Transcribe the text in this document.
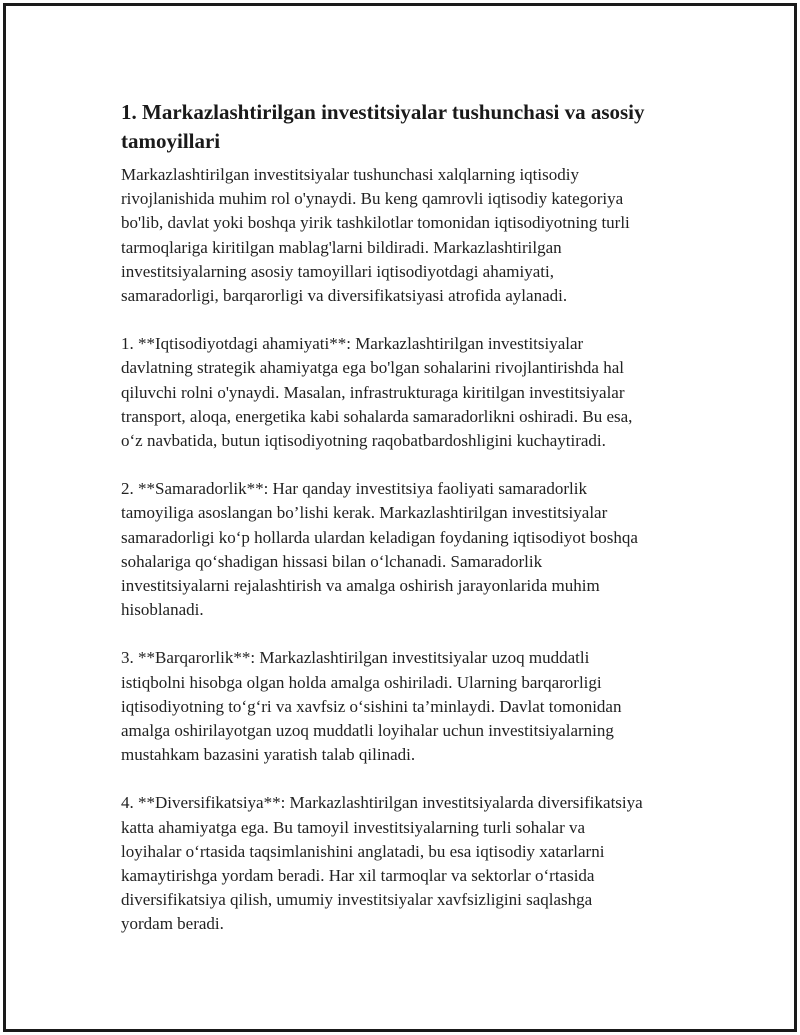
1. Markazlashtirilgan investitsiyalar tushunchasi va asosiy
tamoyillari

Markazlashtirilgan investitsiyalar tushunchasi xalqlarning iqtisodiy
rivojlanishida muhim rol o'ynaydi. Bu keng qamrovli iqtisodiy kategoriya
bo'lib, davlat yoki boshqa yirik tashkilotlar tomonidan iqtisodiyotning turli
tarmoqlariga kiritilgan mablag'larni bildiradi. Markazlashtirilgan
investitsiyalarning asosiy tamoyillari iqtisodiyotdagi ahamiyati,
samaradorligi, barqarorligi va diversifikatsiyasi atrofida aylanadi.

1. **Iqtisodiyotdagi ahamiyati**: Markazlashtirilgan investitsiyalar
davlatning strategik ahamiyatga ega bo'lgan sohalarini rivojlantirishda hal
qiluvchi rolni o'ynaydi. Masalan, infrastrukturaga kiritilgan investitsiyalar
transport, aloqa, energetika kabi sohalarda samaradorlikni oshiradi. Bu esa,
o‘z navbatida, butun iqtisodiyotning raqobatbardoshligini kuchaytiradi.

2. **Samaradorlik**: Har qanday investitsiya faoliyati samaradorlik
tamoyiliga asoslangan bo’lishi kerak. Markazlashtirilgan investitsiyalar
samaradorligi ko‘p hollarda ulardan keladigan foydaning iqtisodiyot boshqa
sohalariga qo‘shadigan hissasi bilan o‘lchanadi. Samaradorlik
investitsiyalarni rejalashtirish va amalga oshirish jarayonlarida muhim
hisoblanadi.

3. **Barqarorlik**: Markazlashtirilgan investitsiyalar uzoq muddatli
istiqbolni hisobga olgan holda amalga oshiriladi. Ularning barqarorligi
iqtisodiyotning to‘g‘ri va xavfsiz o‘sishini ta’minlaydi. Davlat tomonidan
amalga oshirilayotgan uzoq muddatli loyihalar uchun investitsiyalarning
mustahkam bazasini yaratish talab qilinadi.

4. **Diversifikatsiya**: Markazlashtirilgan investitsiyalarda diversifikatsiya
katta ahamiyatga ega. Bu tamoyil investitsiyalarning turli sohalar va
loyihalar o‘rtasida taqsimlanishini anglatadi, bu esa iqtisodiy xatarlarni
kamaytirishga yordam beradi. Har xil tarmoqlar va sektorlar o‘rtasida
diversifikatsiya qilish, umumiy investitsiyalar xavfsizligini saqlashga
yordam beradi.
